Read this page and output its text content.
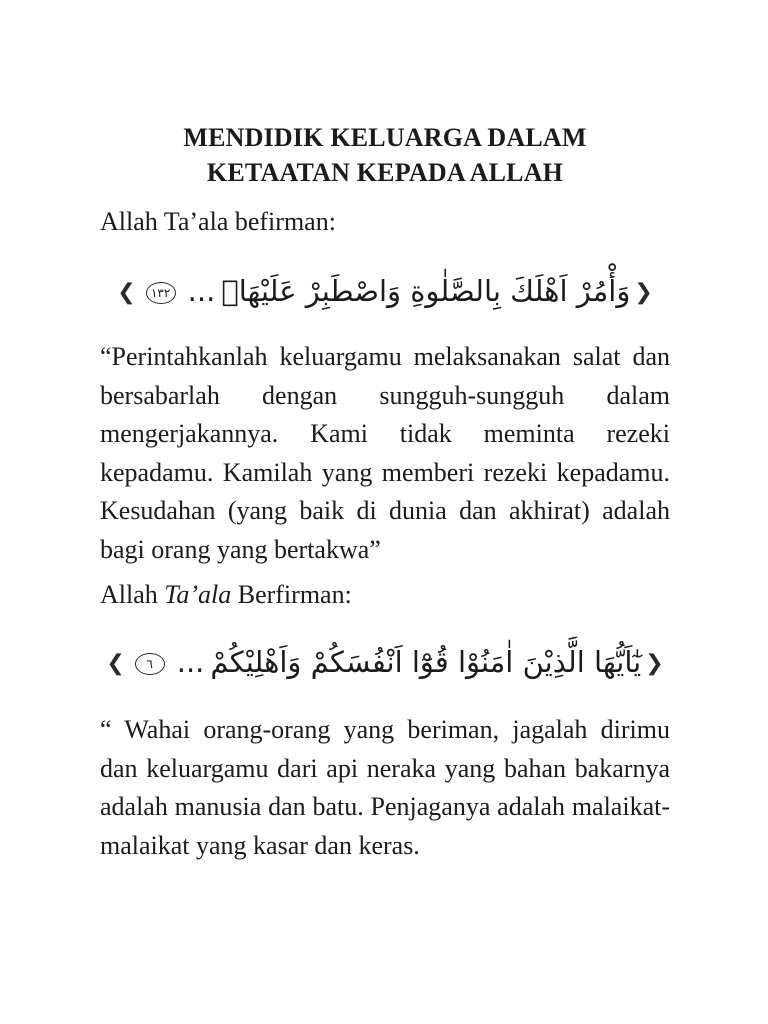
MENDIDIK KELUARGA DALAM
KETAATAN KEPADA ALLAH

Allah Ta’ala befirman:

❯وَأْمُرْ اَهْلَكَ بِالصَّلٰوةِ وَاصْطَبِرْ عَلَيْهَاۗ...١٣٢❮

“Perintahkanlah keluargamu melaksanakan salat dan bersabarlah dengan sungguh-sungguh dalam mengerjakannya. Kami tidak meminta rezeki kepadamu. Kamilah yang memberi rezeki kepadamu. Kesudahan (yang baik di dunia dan akhirat) adalah bagi orang yang bertakwa”

Allah Ta’ala Berfirman:

❯يٰٓاَيُّهَا الَّذِيْنَ اٰمَنُوْا قُوْٓا اَنْفُسَكُمْ وَاَهْلِيْكُمْ...٦❮

“ Wahai orang-orang yang beriman, jagalah dirimu dan keluargamu dari api neraka yang bahan bakarnya adalah manusia dan batu. Penjaganya adalah malaikat-malaikat yang kasar dan keras.
